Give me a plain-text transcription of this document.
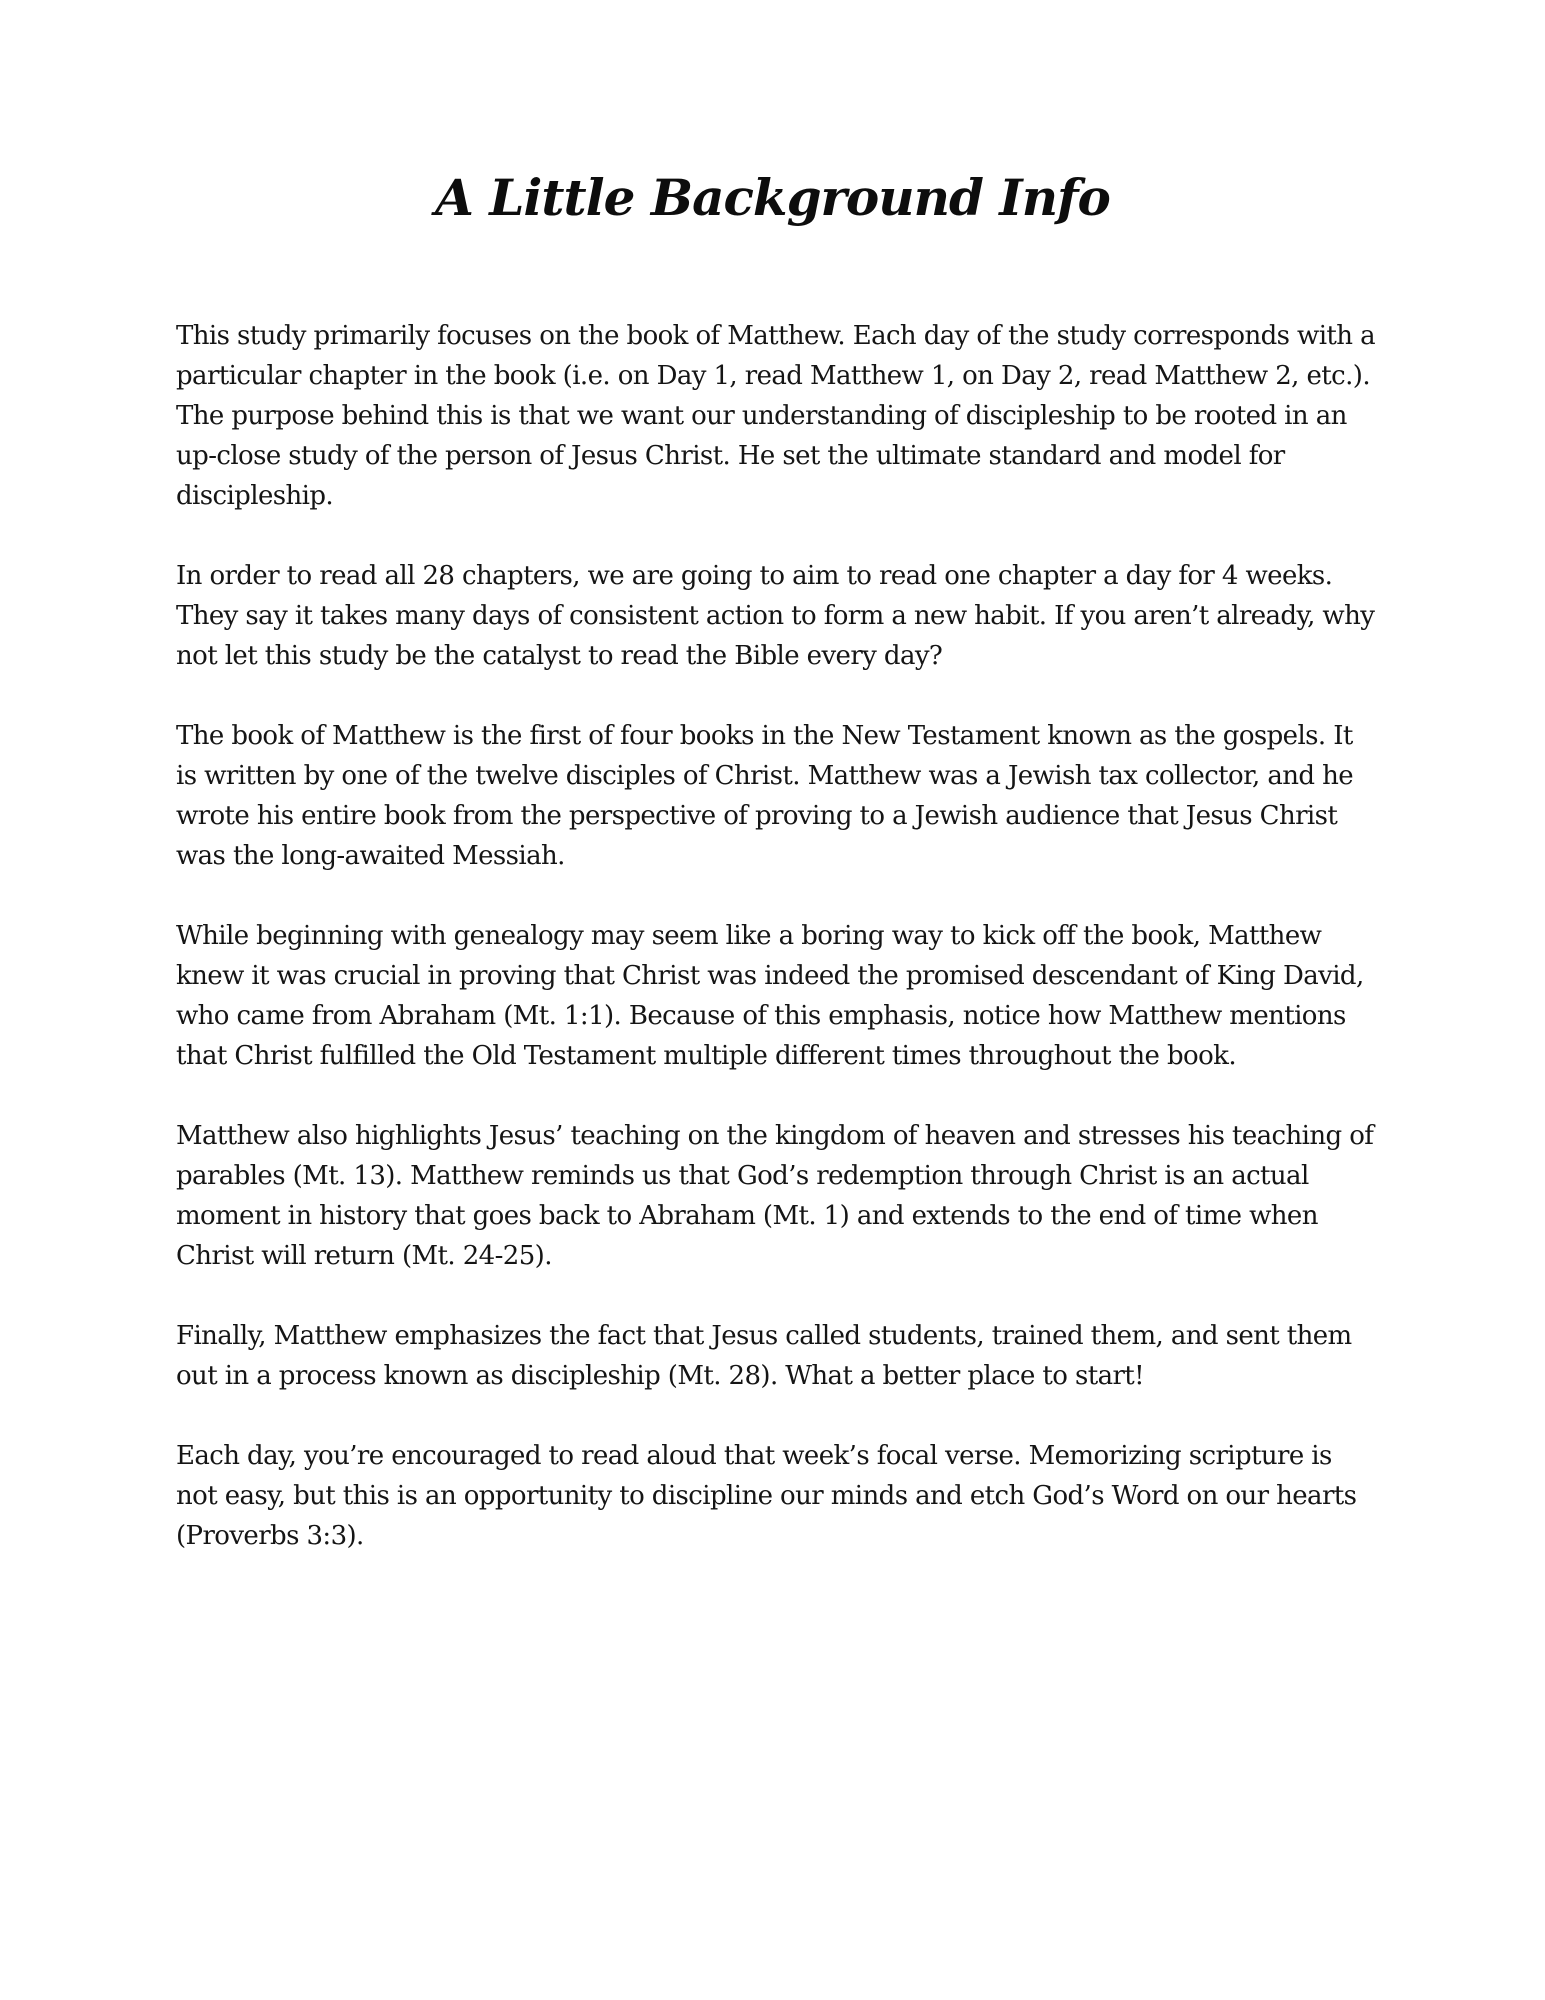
A Little Background Info

This study primarily focuses on the book of Matthew. Each day of the study corresponds with a particular chapter in the book (i.e. on Day 1, read Matthew 1, on Day 2, read Matthew 2, etc.). The purpose behind this is that we want our understanding of discipleship to be rooted in an up-close study of the person of Jesus Christ. He set the ultimate standard and model for discipleship.

In order to read all 28 chapters, we are going to aim to read one chapter a day for 4 weeks. They say it takes many days of consistent action to form a new habit. If you aren’t already, why not let this study be the catalyst to read the Bible every day?

The book of Matthew is the first of four books in the New Testament known as the gospels. It is written by one of the twelve disciples of Christ. Matthew was a Jewish tax collector, and he wrote his entire book from the perspective of proving to a Jewish audience that Jesus Christ was the long-awaited Messiah.

While beginning with genealogy may seem like a boring way to kick off the book, Matthew knew it was crucial in proving that Christ was indeed the promised descendant of King David, who came from Abraham (Mt. 1:1). Because of this emphasis, notice how Matthew mentions that Christ fulfilled the Old Testament multiple different times throughout the book.

Matthew also highlights Jesus’ teaching on the kingdom of heaven and stresses his teaching of parables (Mt. 13). Matthew reminds us that God’s redemption through Christ is an actual moment in history that goes back to Abraham (Mt. 1) and extends to the end of time when Christ will return (Mt. 24-25).

Finally, Matthew emphasizes the fact that Jesus called students, trained them, and sent them out in a process known as discipleship (Mt. 28). What a better place to start!

Each day, you’re encouraged to read aloud that week’s focal verse. Memorizing scripture is not easy, but this is an opportunity to discipline our minds and etch God’s Word on our hearts (Proverbs 3:3).
